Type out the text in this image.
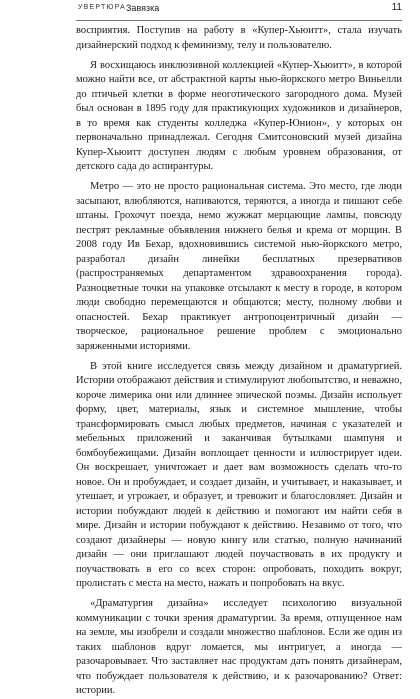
УВЕРТЮРА Завязка	11

восприятия. Поступив на работу в «Купер-Хьюитт», стала изучать дизайнерский подход к феминизму, телу и пользователю.

Я восхищаюсь инклюзивной коллекцией «Купер-Хьюитт», в которой можно найти все, от абстрактной карты нью-йоркского метро Виньелли до птичьей клетки в форме неоготического загородного дома. Музей был основан в 1895 году для практикующих художников и дизайнеров, в то время как студенты колледжа «Купер-Юнион», у которых он первоначально принадлежал. Сегодня Смитсоновский музей дизайна Купер-Хьюитт доступен людям с любым уровнем образования, от детского сада до аспирантуры.

Метро — это не просто рациональная система. Это место, где люди засыпают, влюбляются, напиваются, теряются, а иногда и пишают себе штаны. Грохочут поезда, немо жужжат мерцающие лампы, повсюду пестрят рекламные объявления нижнего белья и крема от морщин. В 2008 году Ив Бехар, вдохновившись системой нью-йоркского метро, разработал дизайн линейки бесплатных презервативов (распространяемых департаментом здравоохранения города). Разноцветные точки на упаковке отсылают к месту в городе, в котором люди свободно перемещаются и общаются; месту, полному любви и опасностей. Бехар практикует антропоцентричный дизайн — творческое, рациональное решение проблем с эмоционально заряженными историями.

В этой книге исследуется связь между дизайном и драматургией. Истории отображают действия и стимулируют любопытство, и неважно, короче лимерика они или длиннее эпической поэмы. Дизайн испольует форму, цвет, материалы, язык и системное мышление, чтобы трансформировать смысл любых предметов, начиная с указателей и мебельных приложений и заканчивая бутылками шампуня и бомбоубежищами. Дизайн воплощает ценности и иллюстрирует идеи. Он воскрешает, уничтожает и дает вам возможность сделать что-то новое. Он и пробуждает, и создает дизайн, и учитывает, и наказывает, и утешает, и угрожает, и образует, и тревожит и благословляет. Дизайн и истории побуждают людей к действию и помогают им найти себя в мире. Дизайн и истории побуждают к действию. Незавимо от того, что создают дизайнеры — новую книгу или статью, полную начинаний дизайн — они приглашают людей поучаствовать в их продукту и поучаствовать в его со всех сторон: опробовать, походить вокруг, пролистать с места на место, нажать и попробовать на вкус.

«Драматургия дизайна» исследует психологию визуальной коммуникации с точки зрения драматургии. За время, отпущенное нам на земле, мы изобрели и создали множество шаблонов. Если же один из таких шаблонов вдруг ломается, мы интригует, а иногда — разочаровывает. Что заставляет нас продуктам дать понять дизайнерам, что побуждает пользователя к действию, и к разочарованию? Ответ: истории.
